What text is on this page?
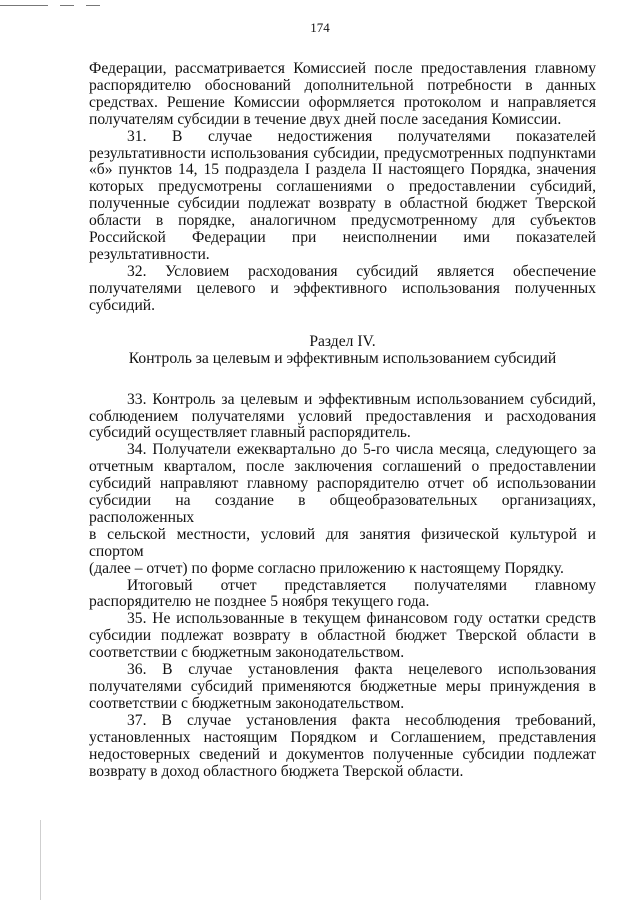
174

Федерации, рассматривается Комиссией после предоставления главному

распорядителю обоснований дополнительной потребности в данных

средствах. Решение Комиссии оформляется протоколом и направляется

получателям субсидии в течение двух дней после заседания Комиссии.

31. В случае недостижения получателями показателей

результативности использования субсидии, предусмотренных подпунктами

«б» пунктов 14, 15 подраздела I раздела II настоящего Порядка, значения

которых предусмотрены соглашениями о предоставлении субсидий,

полученные субсидии подлежат возврату в областной бюджет Тверской

области в порядке, аналогичном предусмотренному для субъектов

Российской Федерации при неисполнении ими показателей

результативности.

32. Условием расходования субсидий является обеспечение

получателями целевого и эффективного использования полученных

субсидий.

Раздел IV.
Контроль за целевым и эффективным использованием субсидий

33. Контроль за целевым и эффективным использованием субсидий,

соблюдением получателями условий предоставления и расходования

субсидий осуществляет главный распорядитель.

34. Получатели ежеквартально до 5-го числа месяца, следующего за

отчетным кварталом, после заключения соглашений о предоставлении

субсидий направляют главному распорядителю отчет об использовании

субсидии на создание в общеобразовательных организациях, расположенных

в сельской местности, условий для занятия физической культурой и спортом

(далее – отчет) по форме согласно приложению к настоящему Порядку.

Итоговый отчет представляется получателями главному

распорядителю не позднее 5 ноября текущего года.

35. Не использованные в текущем финансовом году остатки средств

субсидии подлежат возврату в областной бюджет Тверской области в

соответствии с бюджетным законодательством.

36. В случае установления факта нецелевого использования

получателями субсидий применяются бюджетные меры принуждения в

соответствии с бюджетным законодательством.

37. В случае установления факта несоблюдения требований,

установленных настоящим Порядком и Соглашением, представления

недостоверных сведений и документов полученные субсидии подлежат

возврату в доход областного бюджета Тверской области.
